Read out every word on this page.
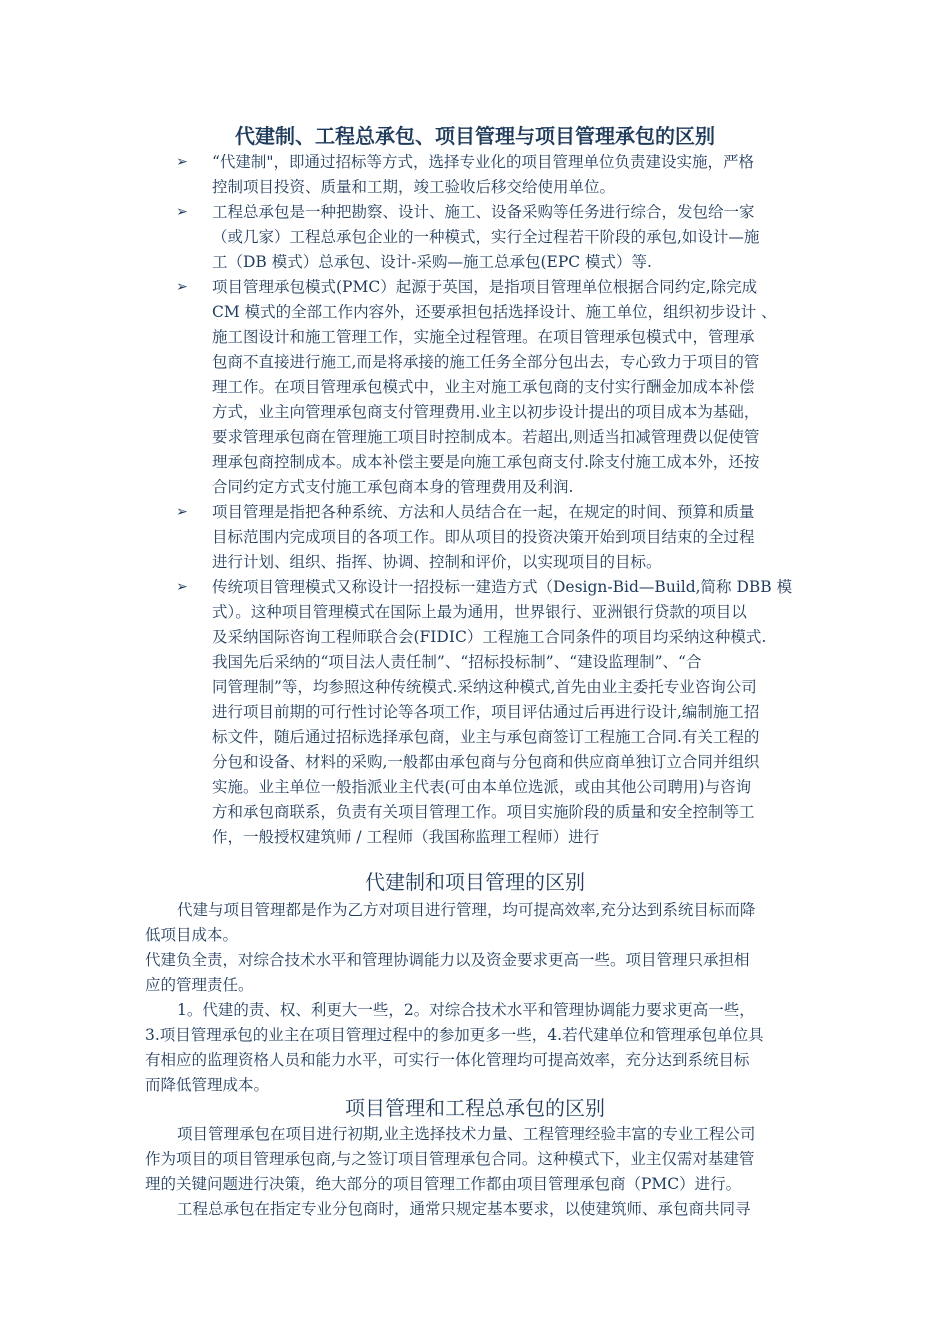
代建制、工程总承包、项目管理与项目管理承包的区别
➢ “代建制"，即通过招标等方式，选择专业化的项目管理单位负责建设实施，严格
控制项目投资、质量和工期，竣工验收后移交给使用单位。
➢ 工程总承包是一种把勘察、设计、施工、设备采购等任务进行综合，发包给一家
（或几家）工程总承包企业的一种模式，实行全过程若干阶段的承包,如设计—施
工（DB 模式）总承包、设计-采购—施工总承包(EPC 模式）等.
➢ 项目管理承包模式(PMC）起源于英国，是指项目管理单位根据合同约定,除完成
CM 模式的全部工作内容外，还要承担包括选择设计、施工单位，组织初步设计 、
施工图设计和施工管理工作，实施全过程管理。在项目管理承包模式中，管理承
包商不直接进行施工,而是将承接的施工任务全部分包出去，专心致力于项目的管
理工作。在项目管理承包模式中，业主对施工承包商的支付实行酬金加成本补偿
方式，业主向管理承包商支付管理费用.业主以初步设计提出的项目成本为基础，
要求管理承包商在管理施工项目时控制成本。若超出,则适当扣减管理费以促使管
理承包商控制成本。成本补偿主要是向施工承包商支付.除支付施工成本外，还按
合同约定方式支付施工承包商本身的管理费用及利润.
➢ 项目管理是指把各种系统、方法和人员结合在一起，在规定的时间、预算和质量
目标范围内完成项目的各项工作。即从项目的投资决策开始到项目结束的全过程
进行计划、组织、指挥、协调、控制和评价，以实现项目的目标。
➢ 传统项目管理模式又称设计一招投标一建造方式（Design-Bid—Build,简称 DBB 模
式）。这种项目管理模式在国际上最为通用，世界银行、亚洲银行贷款的项目以
及采纳国际咨询工程师联合会(FIDIC）工程施工合同条件的项目均采纳这种模式.
我国先后采纳的“项目法人责任制”、“招标投标制”、“建设监理制”、“合
同管理制”等，均参照这种传统模式.采纳这种模式,首先由业主委托专业咨询公司
进行项目前期的可行性讨论等各项工作，项目评估通过后再进行设计,编制施工招
标文件，随后通过招标选择承包商，业主与承包商签订工程施工合同.有关工程的
分包和设备、材料的采购,一般都由承包商与分包商和供应商单独订立合同并组织
实施。业主单位一般指派业主代表(可由本单位选派，或由其他公司聘用)与咨询
方和承包商联系，负责有关项目管理工作。项目实施阶段的质量和安全控制等工
作，一般授权建筑师 / 工程师（我国称监理工程师）进行
代建制和项目管理的区别
代建与项目管理都是作为乙方对项目进行管理，均可提高效率,充分达到系统目标而降
低项目成本。
代建负全责，对综合技术水平和管理协调能力以及资金要求更高一些。项目管理只承担相
应的管理责任。
1。代建的责、权、利更大一些，2。对综合技术水平和管理协调能力要求更高一些，
3.项目管理承包的业主在项目管理过程中的参加更多一些，4.若代建单位和管理承包单位具
有相应的监理资格人员和能力水平，可实行一体化管理均可提高效率，充分达到系统目标
而降低管理成本。
项目管理和工程总承包的区别
项目管理承包在项目进行初期,业主选择技术力量、工程管理经验丰富的专业工程公司
作为项目的项目管理承包商,与之签订项目管理承包合同。这种模式下，业主仅需对基建管
理的关键问题进行决策，绝大部分的项目管理工作都由项目管理承包商（PMC）进行。
工程总承包在指定专业分包商时，通常只规定基本要求，以使建筑师、承包商共同寻
